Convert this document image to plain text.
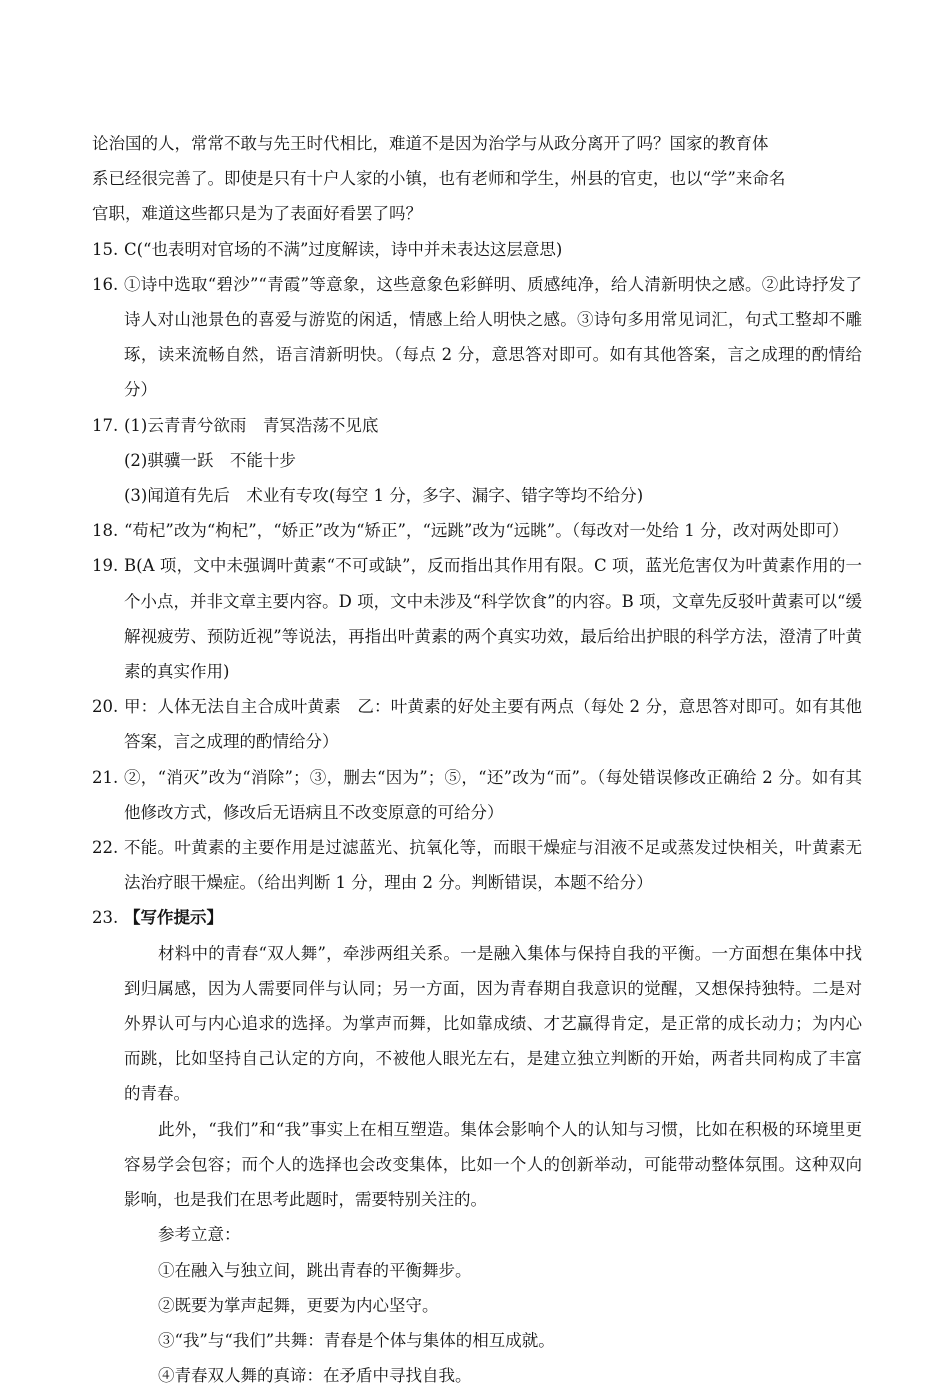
论治国的人，常常不敢与先王时代相比，难道不是因为治学与从政分离开了吗？国家的教育体

系已经很完善了。即使是只有十户人家的小镇，也有老师和学生，州县的官吏，也以“学”来命名

官职，难道这些都只是为了表面好看罢了吗？

15. C(“也表明对官场的不满”过度解读，诗中并未表达这层意思)

16. ①诗中选取“碧沙”“青霞”等意象，这些意象色彩鲜明、质感纯净，给人清新明快之感。②此诗抒发了诗人对山池景色的喜爱与游览的闲适，情感上给人明快之感。③诗句多用常见词汇，句式工整却不雕琢，读来流畅自然，语言清新明快。（每点 2 分，意思答对即可。如有其他答案，言之成理的酌情给分）

17. (1)云青青兮欲雨　青冥浩荡不见底

(2)骐骥一跃　不能十步

(3)闻道有先后　术业有专攻(每空 1 分，多字、漏字、错字等均不给分)

18. “苟杞”改为“枸杞”，“娇正”改为“矫正”，“远跳”改为“远眺”。（每改对一处给 1 分，改对两处即可）

19. B(A 项，文中未强调叶黄素“不可或缺”，反而指出其作用有限。C 项，蓝光危害仅为叶黄素作用的一个小点，并非文章主要内容。D 项，文中未涉及“科学饮食”的内容。B 项，文章先反驳叶黄素可以“缓解视疲劳、预防近视”等说法，再指出叶黄素的两个真实功效，最后给出护眼的科学方法，澄清了叶黄素的真实作用)

20. 甲：人体无法自主合成叶黄素　乙：叶黄素的好处主要有两点（每处 2 分，意思答对即可。如有其他答案，言之成理的酌情给分）

21. ②，“消灭”改为“消除”；③，删去“因为”；⑤，“还”改为“而”。（每处错误修改正确给 2 分。如有其他修改方式，修改后无语病且不改变原意的可给分）

22. 不能。叶黄素的主要作用是过滤蓝光、抗氧化等，而眼干燥症与泪液不足或蒸发过快相关，叶黄素无法治疗眼干燥症。（给出判断 1 分，理由 2 分。判断错误，本题不给分）

23. 【写作提示】

材料中的青春“双人舞”，牵涉两组关系。一是融入集体与保持自我的平衡。一方面想在集体中找到归属感，因为人需要同伴与认同；另一方面，因为青春期自我意识的觉醒，又想保持独特。二是对外界认可与内心追求的选择。为掌声而舞，比如靠成绩、才艺赢得肯定，是正常的成长动力；为内心而跳，比如坚持自己认定的方向，不被他人眼光左右，是建立独立判断的开始，两者共同构成了丰富的青春。

此外，“我们”和“我”事实上在相互塑造。集体会影响个人的认知与习惯，比如在积极的环境里更容易学会包容；而个人的选择也会改变集体，比如一个人的创新举动，可能带动整体氛围。这种双向影响，也是我们在思考此题时，需要特别关注的。

参考立意：

①在融入与独立间，跳出青春的平衡舞步。

②既要为掌声起舞，更要为内心坚守。

③“我”与“我们”共舞：青春是个体与集体的相互成就。

④青春双人舞的真谛：在矛盾中寻找自我。
